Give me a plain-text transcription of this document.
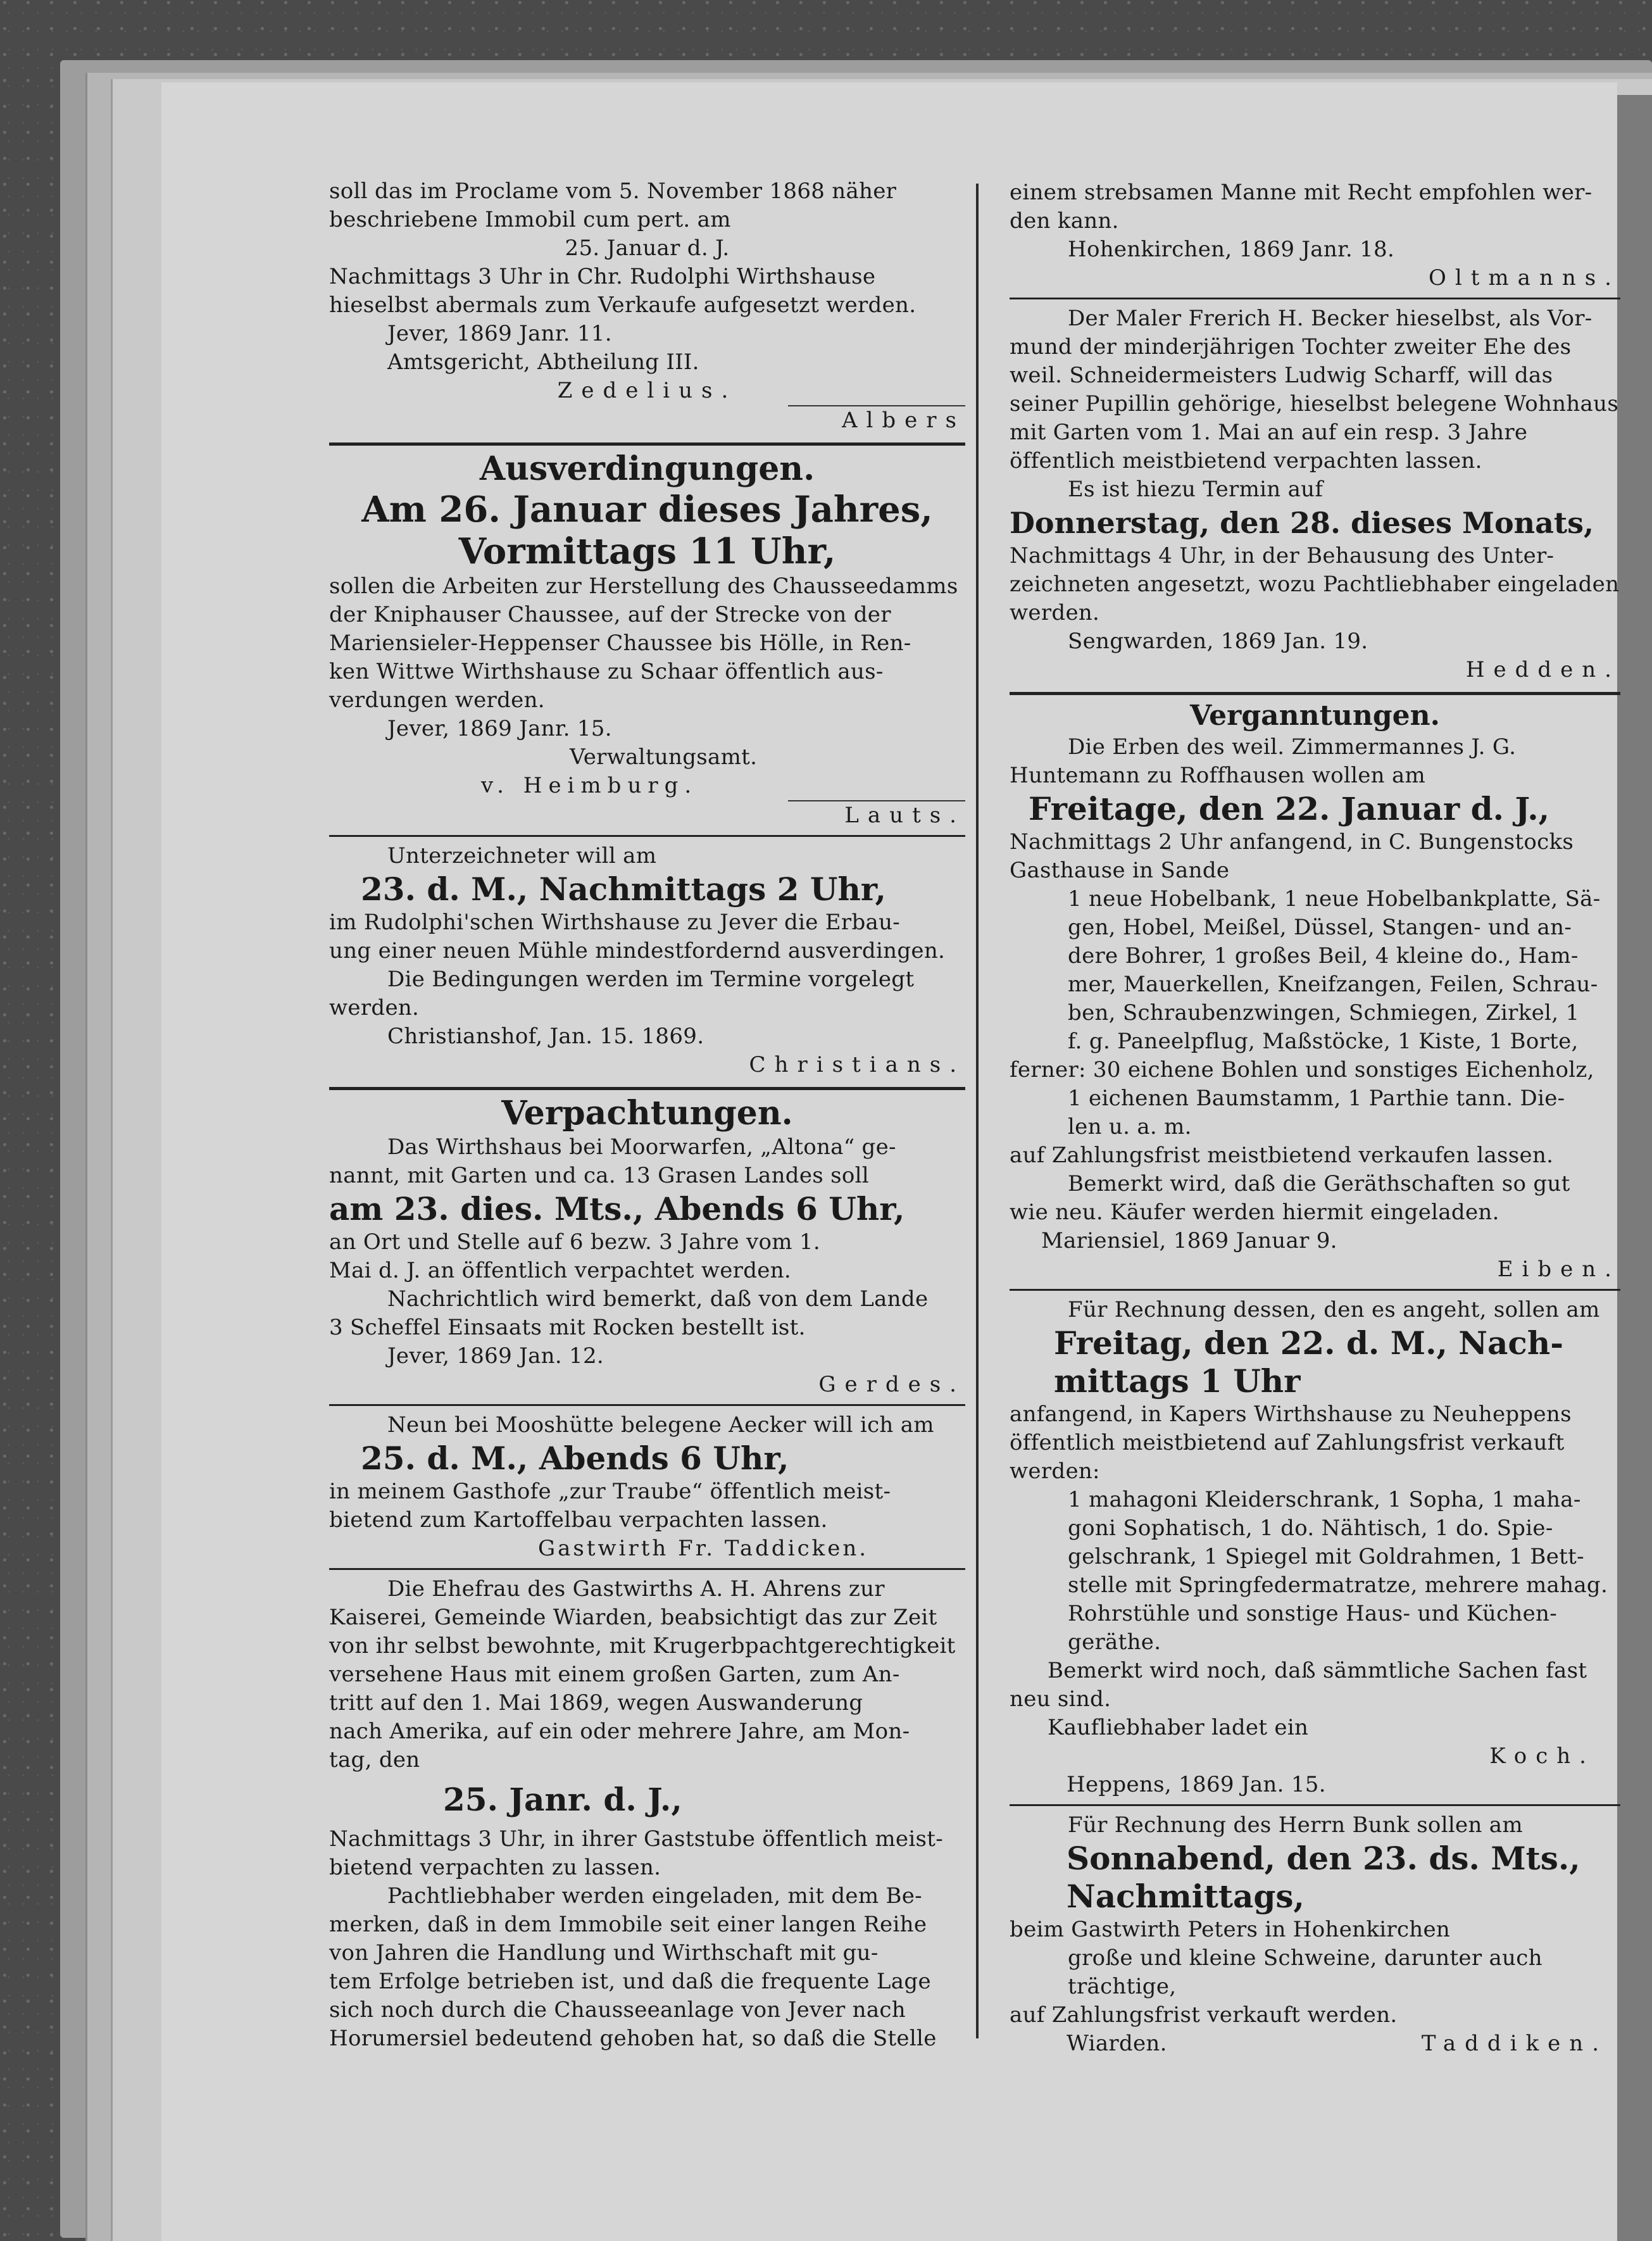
soll das im Proclame vom 5. November 1868 näher
beschriebene Immobil cum pert. am
25. Januar d. J.
Nachmittags 3 Uhr in Chr. Rudolphi Wirthshause
hieselbst abermals zum Verkaufe aufgesetzt werden.
Jever, 1869 Janr. 11.
Amtsgericht, Abtheilung III.
Zedelius.
Albers
Ausverdingungen.
Am 26. Januar dieses Jahres,
Vormittags 11 Uhr,
sollen die Arbeiten zur Herstellung des Chausseedamms
der Kniphauser Chaussee, auf der Strecke von der
Mariensieler-Heppenser Chaussee bis Hölle, in Ren-
ken Wittwe Wirthshause zu Schaar öffentlich aus-
verdungen werden.
Jever, 1869 Janr. 15.
Verwaltungsamt.
v. Heimburg.
Lauts.
Unterzeichneter will am
23. d. M., Nachmittags 2 Uhr,
im Rudolphi'schen Wirthshause zu Jever die Erbau-
ung einer neuen Mühle mindestfordernd ausverdingen.
Die Bedingungen werden im Termine vorgelegt
werden.
Christianshof, Jan. 15. 1869.
Christians.
Verpachtungen.
Das Wirthshaus bei Moorwarfen, „Altona“ ge-
nannt, mit Garten und ca. 13 Grasen Landes soll
am 23. dies. Mts., Abends 6 Uhr,
an Ort und Stelle auf 6 bezw. 3 Jahre vom 1.
Mai d. J. an öffentlich verpachtet werden.
Nachrichtlich wird bemerkt, daß von dem Lande
3 Scheffel Einsaats mit Rocken bestellt ist.
Jever, 1869 Jan. 12.
Gerdes.
Neun bei Mooshütte belegene Aecker will ich am
25. d. M., Abends 6 Uhr,
in meinem Gasthofe „zur Traube“ öffentlich meist-
bietend zum Kartoffelbau verpachten lassen.
Gastwirth Fr. Taddicken.
Die Ehefrau des Gastwirths A. H. Ahrens zur
Kaiserei, Gemeinde Wiarden, beabsichtigt das zur Zeit
von ihr selbst bewohnte, mit Krugerbpachtgerechtigkeit
versehene Haus mit einem großen Garten, zum An-
tritt auf den 1. Mai 1869, wegen Auswanderung
nach Amerika, auf ein oder mehrere Jahre, am Mon-
tag, den
25. Janr. d. J.,
Nachmittags 3 Uhr, in ihrer Gaststube öffentlich meist-
bietend verpachten zu lassen.
Pachtliebhaber werden eingeladen, mit dem Be-
merken, daß in dem Immobile seit einer langen Reihe
von Jahren die Handlung und Wirthschaft mit gu-
tem Erfolge betrieben ist, und daß die frequente Lage
sich noch durch die Chausseeanlage von Jever nach
Horumersiel bedeutend gehoben hat, so daß die Stelle
einem strebsamen Manne mit Recht empfohlen wer-
den kann.
Hohenkirchen, 1869 Janr. 18.
Oltmanns.
Der Maler Frerich H. Becker hieselbst, als Vor-
mund der minderjährigen Tochter zweiter Ehe des
weil. Schneidermeisters Ludwig Scharff, will das
seiner Pupillin gehörige, hieselbst belegene Wohnhaus
mit Garten vom 1. Mai an auf ein resp. 3 Jahre
öffentlich meistbietend verpachten lassen.
Es ist hiezu Termin auf
Donnerstag, den 28. dieses Monats,
Nachmittags 4 Uhr, in der Behausung des Unter-
zeichneten angesetzt, wozu Pachtliebhaber eingeladen
werden.
Sengwarden, 1869 Jan. 19.
Hedden.
Verganntungen.
Die Erben des weil. Zimmermannes J. G.
Huntemann zu Roffhausen wollen am
Freitage, den 22. Januar d. J.,
Nachmittags 2 Uhr anfangend, in C. Bungenstocks
Gasthause in Sande
1 neue Hobelbank, 1 neue Hobelbankplatte, Sä-
gen, Hobel, Meißel, Düssel, Stangen- und an-
dere Bohrer, 1 großes Beil, 4 kleine do., Ham-
mer, Mauerkellen, Kneifzangen, Feilen, Schrau-
ben, Schraubenzwingen, Schmiegen, Zirkel, 1
f. g. Paneelpflug, Maßstöcke, 1 Kiste, 1 Borte,
ferner: 30 eichene Bohlen und sonstiges Eichenholz,
1 eichenen Baumstamm, 1 Parthie tann. Die-
len u. a. m.
auf Zahlungsfrist meistbietend verkaufen lassen.
Bemerkt wird, daß die Geräthschaften so gut
wie neu. Käufer werden hiermit eingeladen.
Mariensiel, 1869 Januar 9.
Eiben.
Für Rechnung dessen, den es angeht, sollen am
Freitag, den 22. d. M., Nach-
mittags 1 Uhr
anfangend, in Kapers Wirthshause zu Neuheppens
öffentlich meistbietend auf Zahlungsfrist verkauft
werden:
1 mahagoni Kleiderschrank, 1 Sopha, 1 maha-
goni Sophatisch, 1 do. Nähtisch, 1 do. Spie-
gelschrank, 1 Spiegel mit Goldrahmen, 1 Bett-
stelle mit Springfedermatratze, mehrere mahag.
Rohrstühle und sonstige Haus- und Küchen-
geräthe.
Bemerkt wird noch, daß sämmtliche Sachen fast
neu sind.
Kaufliebhaber ladet ein
Koch.
Heppens, 1869 Jan. 15.
Für Rechnung des Herrn Bunk sollen am
Sonnabend, den 23. ds. Mts.,
Nachmittags,
beim Gastwirth Peters in Hohenkirchen
große und kleine Schweine, darunter auch
trächtige,
auf Zahlungsfrist verkauft werden.
Wiarden.	Taddiken.
